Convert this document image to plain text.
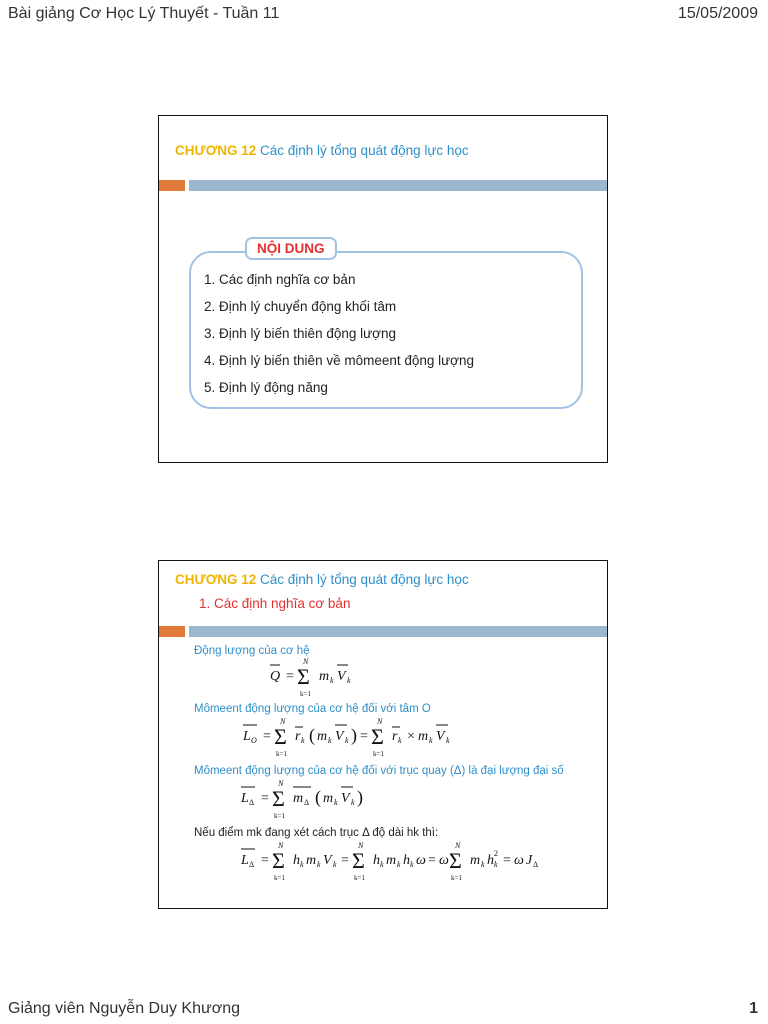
Bài giảng Cơ Học Lý Thuyết - Tuần 11	15/05/2009
CHƯƠNG 12 Các định lý tổng quát động lực học
NỘI DUNG
1. Các định nghĩa cơ bản
2. Định lý chuyển động khối tâm
3. Định lý biến thiên động lượng
4. Định lý biến thiên về mômeent động lượng
5. Định lý động năng
CHƯƠNG 12 Các định lý tổng quát động lực học
1. Các định nghĩa cơ bản
Động lượng của cơ hệ
Q = Σ
N
k=1
m k V k
Mômeent động lượng của cơ hệ đối với tâm O
L O = Σ
N
k=1
r k ( m k V k ) = Σ
N
k=1
r k × m k V k
Mômeent động lượng của cơ hệ đối với trục quay (Δ) là đại lượng đại số
L Δ = Σ
N
k=1
m Δ ( m k V k )
Nếu điểm mk đang xét cách trục Δ độ dài hk thì:
L Δ = Σ
N
k=1
h k m k V k = Σ
N
k=1
h k m k h k ω = ω Σ
N
k=1
m k h k
2 = ω J Δ
Giảng viên Nguyễn Duy Khương	1
